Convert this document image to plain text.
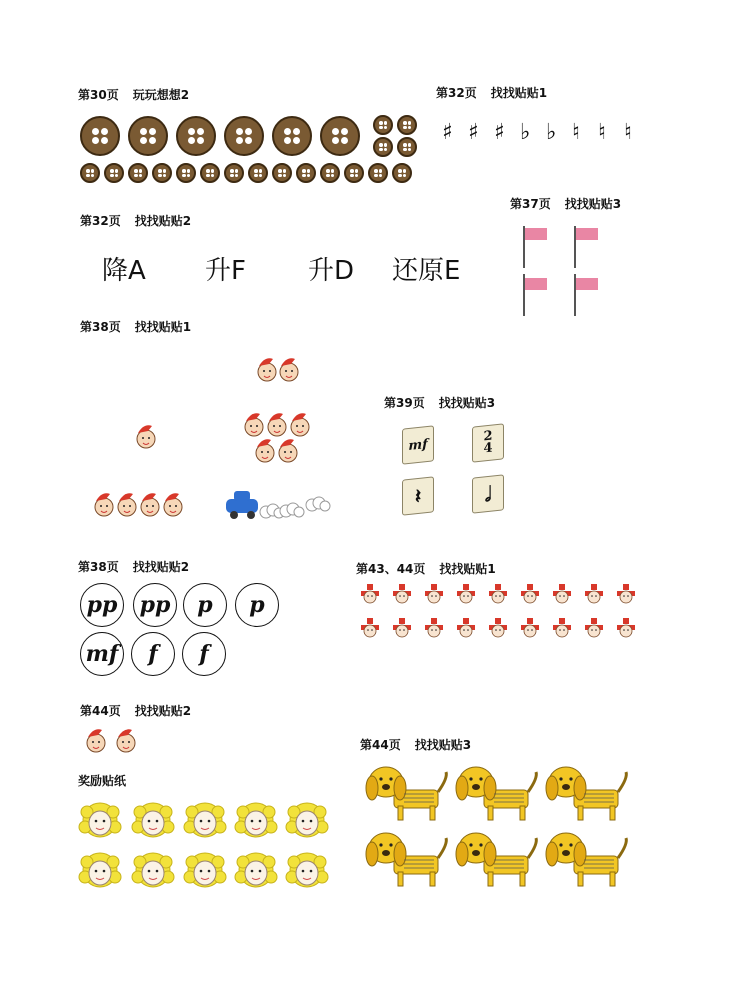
第30页 玩玩想想2	第32页 找找贴贴1
第32页 找找贴贴2
第37页 找找贴贴3
第38页 找找贴贴1
第39页 找找贴贴3
第38页 找找贴贴2	第43、44页 找找贴贴1
第44页 找找贴贴2
奖励贴纸
第44页 找找贴贴3
♯ ♯ ♯ ♭ ♭ ♮ ♮ ♮
降A 升F 升D 还原E
mf	2
4
𝄽	𝅗𝅥
pp	pp	p	p
mf	f	f
